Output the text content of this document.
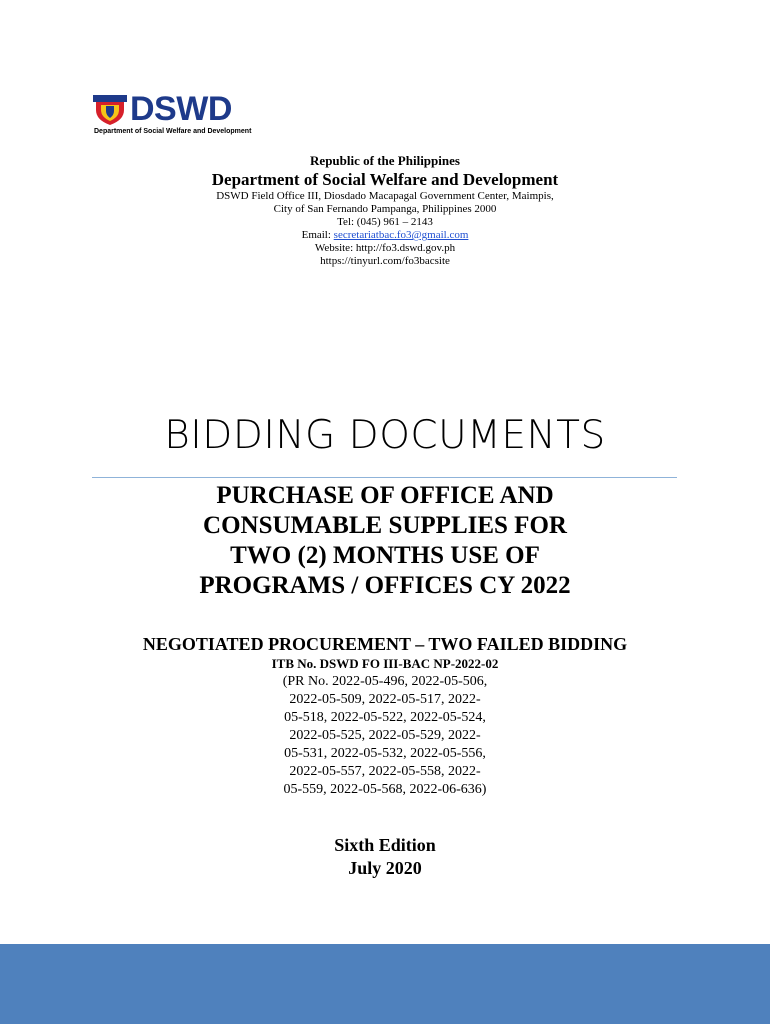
DSWD
Department of Social Welfare and Development
Republic of the Philippines
Department of Social Welfare and Development
DSWD Field Office III, Diosdado Macapagal Government Center, Maimpis,
City of San Fernando Pampanga, Philippines 2000
Tel: (045) 961 – 2143
Email: secretariatbac.fo3@gmail.com
Website: http://fo3.dswd.gov.ph
https://tinyurl.com/fo3bacsite
BIDDING DOCUMENTS
PURCHASE OF OFFICE AND
CONSUMABLE SUPPLIES FOR
TWO (2) MONTHS USE OF
PROGRAMS / OFFICES CY 2022
NEGOTIATED PROCUREMENT – TWO FAILED BIDDING
ITB No. DSWD FO III-BAC NP-2022-02
(PR No. 2022-05-496, 2022-05-506,
2022-05-509, 2022-05-517, 2022-
05-518, 2022-05-522, 2022-05-524,
2022-05-525, 2022-05-529, 2022-
05-531, 2022-05-532, 2022-05-556,
2022-05-557, 2022-05-558, 2022-
05-559, 2022-05-568, 2022-06-636)
Sixth Edition
July 2020
